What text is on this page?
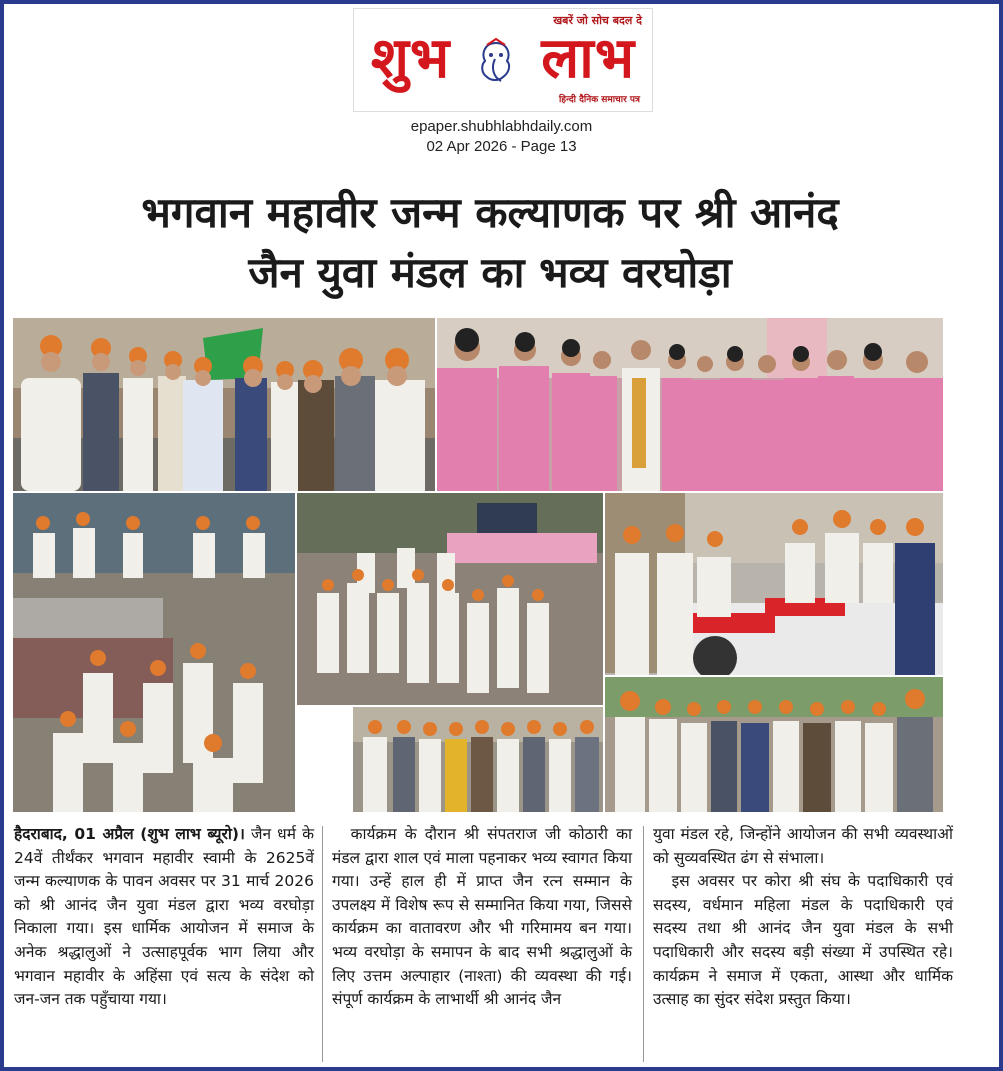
खबरें जो सोच बदल दे
शुभ लाभ
हिन्दी दैनिक समाचार पत्र
epaper.shubhlabhdaily.com
02 Apr 2026 - Page 13
भगवान महावीर जन्म कल्याणक पर श्री आनंद
जैन युवा मंडल का भव्य वरघोड़ा
हैदराबाद, 01 अप्रैल (शुभ लाभ ब्यूरो)। जैन धर्म के 24वें तीर्थंकर भगवान महावीर स्वामी के 2625वें जन्म कल्याणक के पावन अवसर पर 31 मार्च 2026 को श्री आनंद जैन युवा मंडल द्वारा भव्य वरघोड़ा निकाला गया। इस धार्मिक आयोजन में समाज के अनेक श्रद्धालुओं ने उत्साहपूर्वक भाग लिया और भगवान महावीर के अहिंसा एवं सत्य के संदेश को जन-जन तक पहुँचाया गया।
कार्यक्रम के दौरान श्री संपतराज जी कोठारी का मंडल द्वारा शाल एवं माला पहनाकर भव्य स्वागत किया गया। उन्हें हाल ही में प्राप्त जैन रत्न सम्मान के उपलक्ष्य में विशेष रूप से सम्मानित किया गया, जिससे कार्यक्रम का वातावरण और भी गरिमामय बन गया।भव्य वरघोड़ा के समापन के बाद सभी श्रद्धालुओं के लिए उत्तम अल्पाहार (नाश्ता) की व्यवस्था की गई। संपूर्ण कार्यक्रम के लाभार्थी श्री आनंद जैन
युवा मंडल रहे, जिन्होंने आयोजन की सभी व्यवस्थाओं को सुव्यवस्थित ढंग से संभाला।
इस अवसर पर कोरा श्री संघ के पदाधिकारी एवं सदस्य, वर्धमान महिला मंडल के पदाधिकारी एवं सदस्य तथा श्री आनंद जैन युवा मंडल के सभी पदाधिकारी और सदस्य बड़ी संख्या में उपस्थित रहे। कार्यक्रम ने समाज में एकता, आस्था और धार्मिक उत्साह का सुंदर संदेश प्रस्तुत किया।
